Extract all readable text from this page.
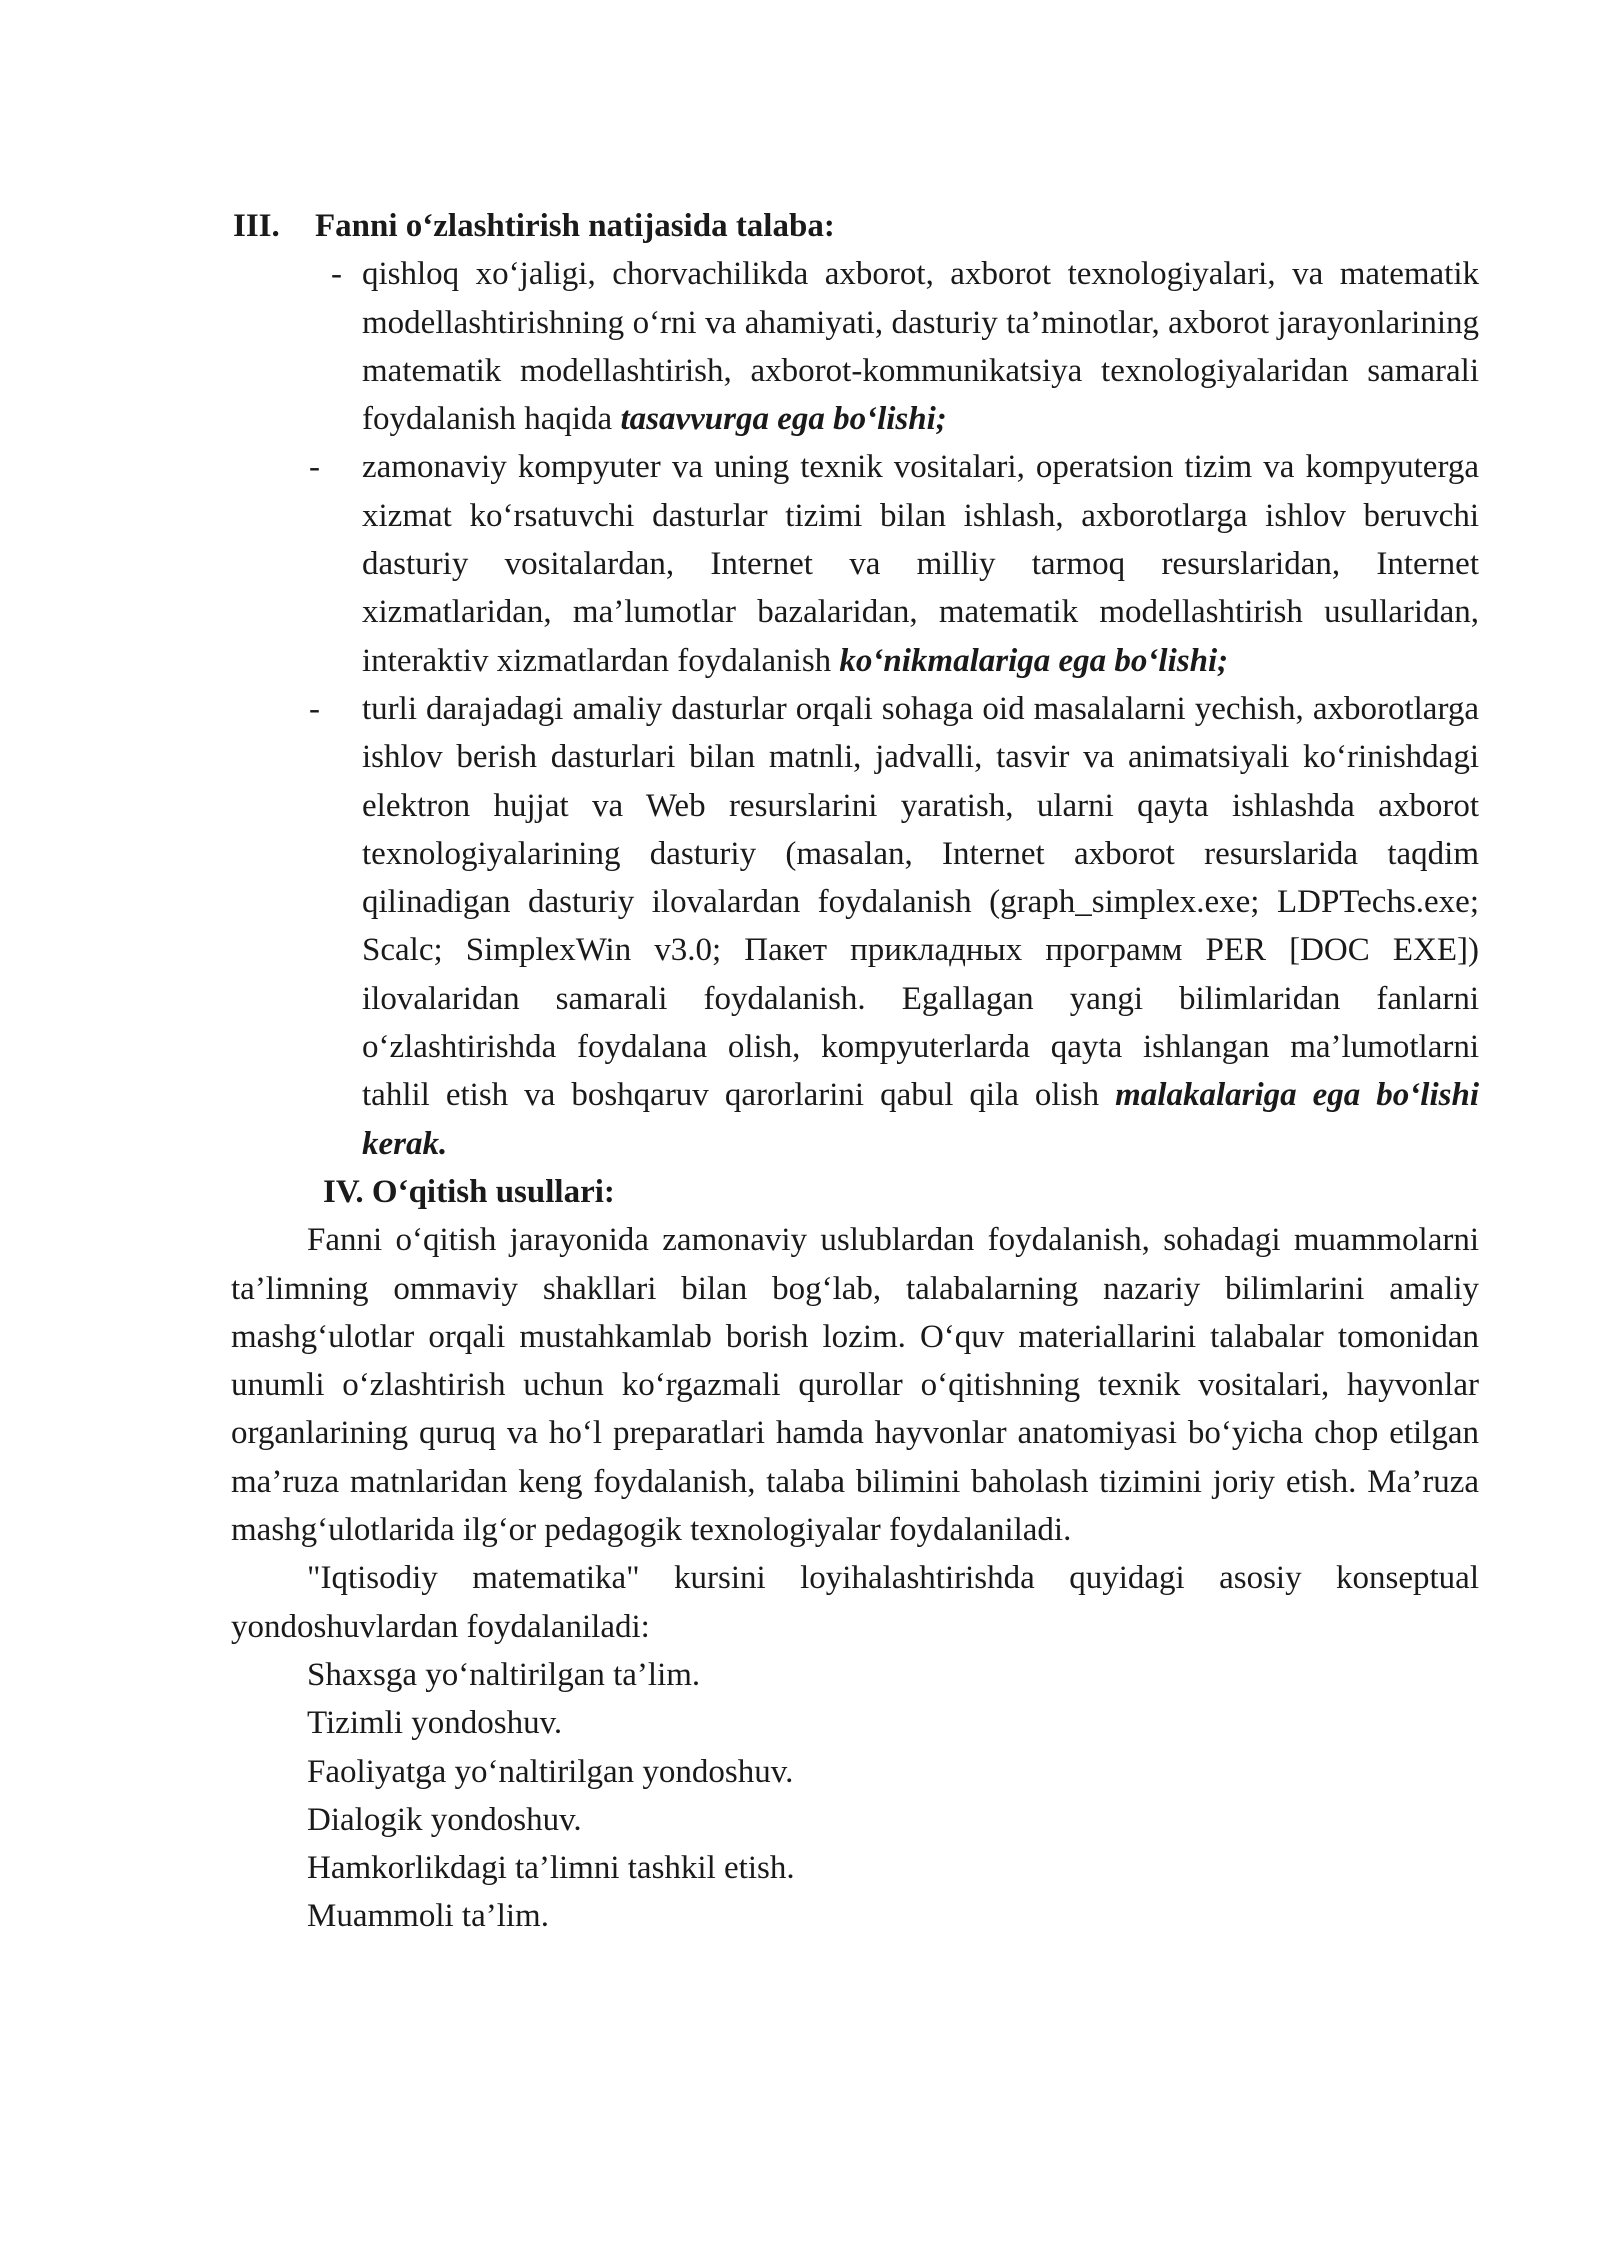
III. Fanni o‘zlashtirish natijasida talaba:

- qishloq xo‘jaligi, chorvachilikda axborot, axborot texnologiyalari, va matematik modellashtirishning o‘rni va ahamiyati, dasturiy ta’minotlar, axborot jarayonlarining matematik modellashtirish, axborot-kommunikatsiya texnologiyalaridan samarali foydalanish haqida tasavvurga ega bo‘lishi;
- zamonaviy kompyuter va uning texnik vositalari, operatsion tizim va kompyuterga xizmat ko‘rsatuvchi dasturlar tizimi bilan ishlash, axborotlarga ishlov beruvchi dasturiy vositalardan, Internet va milliy tarmoq resurslaridan, Internet xizmatlaridan, ma’lumotlar bazalaridan, matematik modellashtirish usullaridan, interaktiv xizmatlardan foydalanish ko‘nikmalariga ega bo‘lishi;
- turli darajadagi amaliy dasturlar orqali sohaga oid masalalarni yechish, axborotlarga ishlov berish dasturlari bilan matnli, jadvalli, tasvir va animatsiyali ko‘rinishdagi elektron hujjat va Web resurslarini yaratish, ularni qayta ishlashda axborot texnologiyalarining dasturiy (masalan, Internet axborot resurslarida taqdim qilinadigan dasturiy ilovalardan foydalanish (graph_simplex.exe; LDPTechs.exe; Scalc; SimplexWin v3.0; Пакет прикладных программ PER [DOC EXE]) ilovalaridan samarali foydalanish. Egallagan yangi bilimlaridan fanlarni o‘zlashtirishda foydalana olish, kompyuterlarda qayta ishlangan ma’lumotlarni tahlil etish va boshqaruv qarorlarini qabul qila olish malakalariga ega bo‘lishi kerak.

IV. O‘qitish usullari:

Fanni o‘qitish jarayonida zamonaviy uslublardan foydalanish, sohadagi muammolarni ta’limning ommaviy shakllari bilan bog‘lab, talabalarning nazariy bilimlarini amaliy mashg‘ulotlar orqali mustahkamlab borish lozim. O‘quv materiallarini talabalar tomonidan unumli o‘zlashtirish uchun ko‘rgazmali qurollar o‘qitishning texnik vositalari, hayvonlar organlarining quruq va ho‘l preparatlari hamda hayvonlar anatomiyasi bo‘yicha chop etilgan ma’ruza matnlaridan keng foydalanish, talaba bilimini baholash tizimini joriy etish. Ma’ruza mashg‘ulotlarida ilg‘or pedagogik texnologiyalar foydalaniladi.

"Iqtisodiy matematika" kursini loyihalashtirishda quyidagi asosiy konseptual yondoshuvlardan foydalaniladi:

Shaxsga yo‘naltirilgan ta’lim.
Tizimli yondoshuv.
Faoliyatga yo‘naltirilgan yondoshuv.
Dialogik yondoshuv.
Hamkorlikdagi ta’limni tashkil etish.
Muammoli ta’lim.
